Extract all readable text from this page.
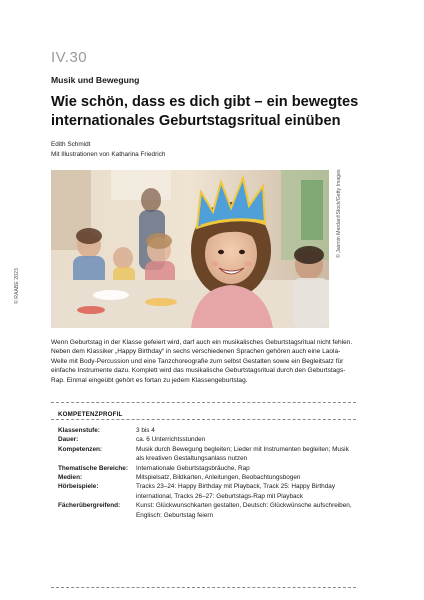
IV.30
Musik und Bewegung
Wie schön, dass es dich gibt – ein bewegtes internationales Geburtstagsritual einüben
Edith Schmidt
Mit Illustrationen von Katharina Friedrich
© RAABE 2023
© Jasmin Merdan/iStock/Getty Images
Wenn Geburtstag in der Klasse gefeiert wird, darf auch ein musikalisches Geburtstagsritual nicht fehlen. Neben dem Klassiker „Happy Birthday“ in sechs verschiedenen Sprachen gehören auch eine Laola-Welle mit Body-Percussion und eine Tanzchoreografie zum selbst Gestalten sowie ein Begleitsatz für einfache Instrumente dazu. Komplett wird das musikalische Geburtstagsritual durch den Geburtstags-Rap. Einmal eingeübt gehört es fortan zu jedem Klassengeburtstag.
KOMPETENZPROFIL
Klassenstufe:	3 bis 4
Dauer:	ca. 6 Unterrichtsstunden
Kompetenzen:	Musik durch Bewegung begleiten; Lieder mit Instrumenten begleiten; Musik als kreativen Gestaltungsanlass nutzen
Thematische Bereiche:	Internationale Geburtstagsbräuche, Rap
Medien:	Mitspielsatz, Bildkarten, Anleitungen, Beobachtungsbogen
Hörbeispiele:	Tracks 23–24: Happy Birthday mit Playback, Track 25: Happy Birthday international, Tracks 26–27: Geburtstags-Rap mit Playback
Fächerübergreifend:	Kunst: Glückwunschkarten gestalten, Deutsch: Glückwünsche aufschreiben, Englisch: Geburtstag feiern
